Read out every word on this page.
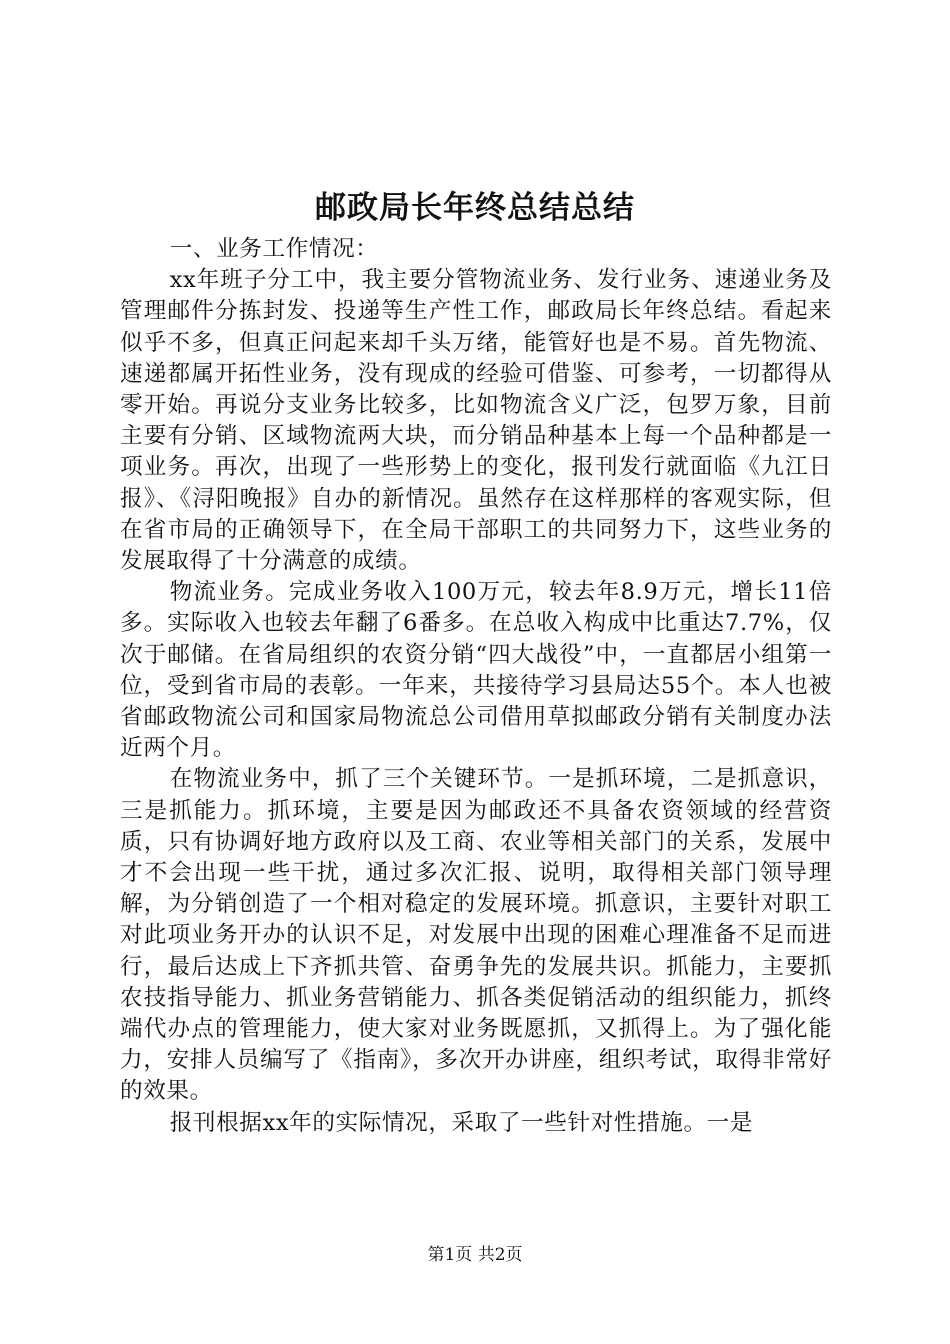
邮政局长年终总结总结

一、业务工作情况：

xx年班子分工中，我主要分管物流业务、发行业务、速递业务及管理邮件分拣封发、投递等生产性工作，邮政局长年终总结。看起来似乎不多，但真正问起来却千头万绪，能管好也是不易。首先物流、速递都属开拓性业务，没有现成的经验可借鉴、可参考，一切都得从零开始。再说分支业务比较多，比如物流含义广泛，包罗万象，目前主要有分销、区域物流两大块，而分销品种基本上每一个品种都是一项业务。再次，出现了一些形势上的变化，报刊发行就面临《九江日报》、《浔阳晚报》自办的新情况。虽然存在这样那样的客观实际，但在省市局的正确领导下，在全局干部职工的共同努力下，这些业务的发展取得了十分满意的成绩。

物流业务。完成业务收入100万元，较去年8.9万元，增长11倍多。实际收入也较去年翻了6番多。在总收入构成中比重达7.7%，仅次于邮储。在省局组织的农资分销“四大战役”中，一直都居小组第一位，受到省市局的表彰。一年来，共接待学习县局达55个。本人也被省邮政物流公司和国家局物流总公司借用草拟邮政分销有关制度办法近两个月。

在物流业务中，抓了三个关键环节。一是抓环境，二是抓意识，三是抓能力。抓环境，主要是因为邮政还不具备农资领域的经营资质，只有协调好地方政府以及工商、农业等相关部门的关系，发展中才不会出现一些干扰，通过多次汇报、说明，取得相关部门领导理解，为分销创造了一个相对稳定的发展环境。抓意识，主要针对职工对此项业务开办的认识不足，对发展中出现的困难心理准备不足而进行，最后达成上下齐抓共管、奋勇争先的发展共识。抓能力，主要抓农技指导能力、抓业务营销能力、抓各类促销活动的组织能力，抓终端代办点的管理能力，使大家对业务既愿抓，又抓得上。为了强化能力，安排人员编写了《指南》，多次开办讲座，组织考试，取得非常好的效果。

报刊根据xx年的实际情况，采取了一些针对性措施。一是

第1页 共2页
